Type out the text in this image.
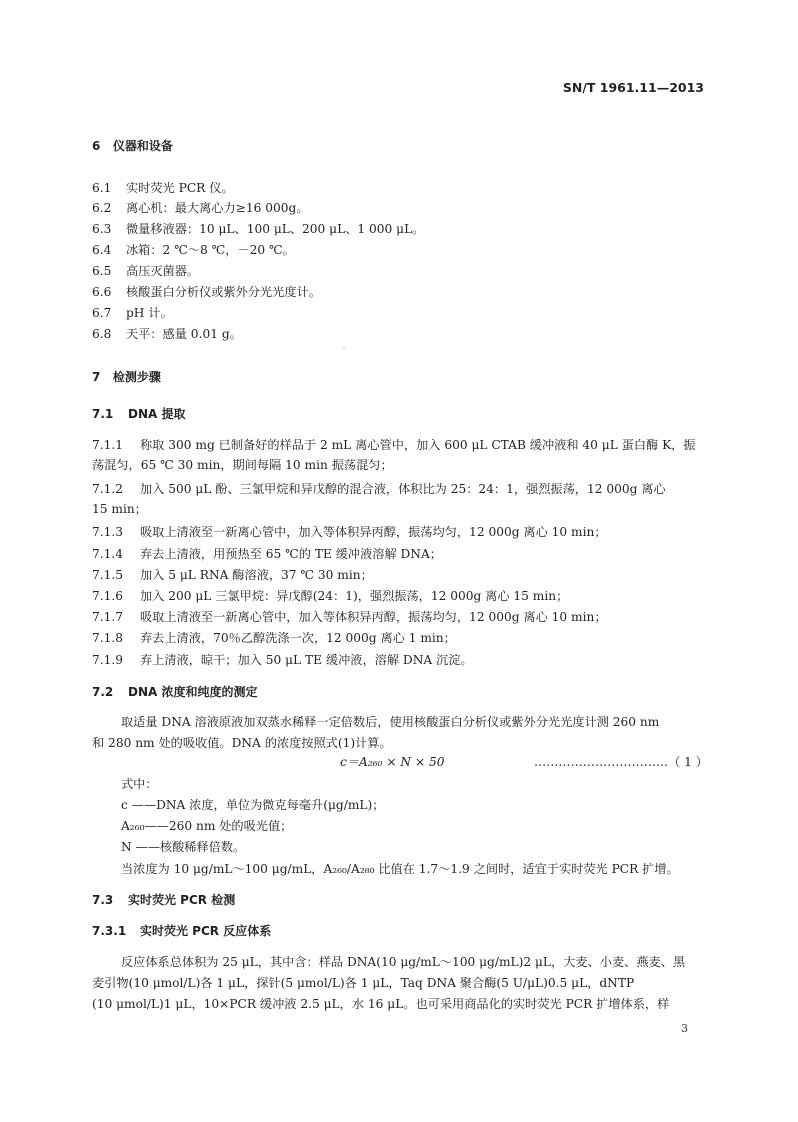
SN/T 1961.11—2013
6 仪器和设备
6.1 实时荧光 PCR 仪。
6.2 离心机：最大离心力≥16 000g。
6.3 微量移液器：10 μL、100 μL、200 μL、1 000 μL。
6.4 冰箱：2 ℃～8 ℃，－20 ℃。
6.5 高压灭菌器。
6.6 核酸蛋白分析仪或紫外分光光度计。
6.7 pH 计。
6.8 天平：感量 0.01 g。
7 检测步骤
7.1 DNA 提取
7.1.1 称取 300 mg 已制备好的样品于 2 mL 离心管中，加入 600 μL CTAB 缓冲液和 40 μL 蛋白酶 K，振
荡混匀，65 ℃ 30 min，期间每隔 10 min 振荡混匀；
7.1.2 加入 500 μL 酚、三氯甲烷和异戊醇的混合液，体积比为 25：24：1，强烈振荡，12 000g 离心
15 min；
7.1.3 吸取上清液至一新离心管中，加入等体积异丙醇，振荡均匀，12 000g 离心 10 min；
7.1.4 弃去上清液，用预热至 65 ℃的 TE 缓冲液溶解 DNA；
7.1.5 加入 5 μL RNA 酶溶液，37 ℃ 30 min；
7.1.6 加入 200 μL 三氯甲烷：异戊醇(24：1)，强烈振荡，12 000g 离心 15 min；
7.1.7 吸取上清液至一新离心管中，加入等体积异丙醇，振荡均匀，12 000g 离心 10 min；
7.1.8 弃去上清液，70％乙醇洗涤一次，12 000g 离心 1 min；
7.1.9 弃上清液，晾干；加入 50 μL TE 缓冲液，溶解 DNA 沉淀。
7.2 DNA 浓度和纯度的测定
取适量 DNA 溶液原液加双蒸水稀释一定倍数后，使用核酸蛋白分析仪或紫外分光光度计测 260 nm
和 280 nm 处的吸收值。DNA 的浓度按照式(1)计算。
c＝A₂₆₀ × N × 50	……………………………（ 1 ）
式中：
c ——DNA 浓度，单位为微克每毫升(μg/mL)；
A₂₆₀——260 nm 处的吸光值；
N ——核酸稀释倍数。
当浓度为 10 μg/mL～100 μg/mL，A₂₆₀/A₂₈₀ 比值在 1.7～1.9 之间时，适宜于实时荧光 PCR 扩增。
7.3 实时荧光 PCR 检测
7.3.1 实时荧光 PCR 反应体系
反应体系总体积为 25 μL，其中含：样品 DNA(10 μg/mL～100 μg/mL)2 μL，大麦、小麦、燕麦、黑
麦引物(10 μmol/L)各 1 μL，探针(5 μmol/L)各 1 μL，Taq DNA 聚合酶(5 U/μL)0.5 μL，dNTP
(10 μmol/L)1 μL，10×PCR 缓冲液 2.5 μL，水 16 μL。也可采用商品化的实时荧光 PCR 扩增体系，样
3
